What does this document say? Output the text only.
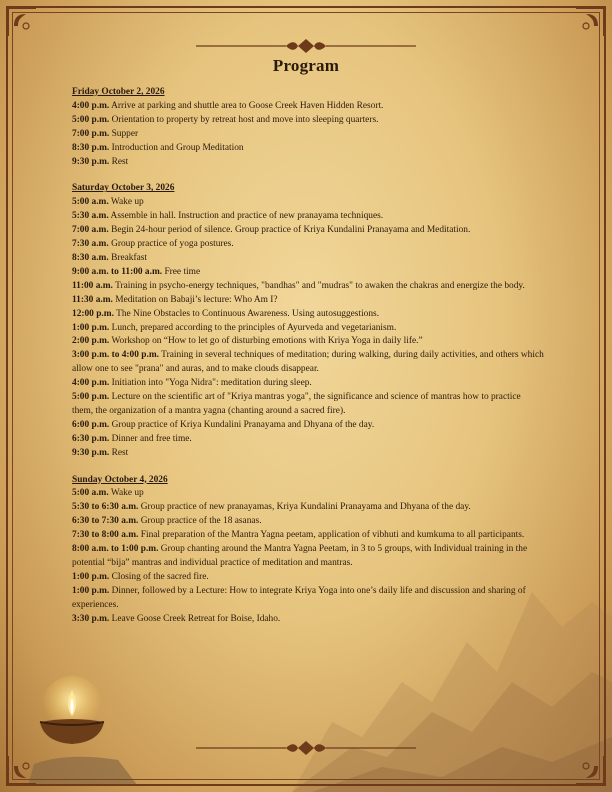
Program
Friday October 2, 2026
4:00 p.m. Arrive at parking and shuttle area to Goose Creek Haven Hidden Resort.
5:00 p.m. Orientation to property by retreat host and move into sleeping quarters.
7:00 p.m. Supper
8:30 p.m. Introduction and Group Meditation
9:30 p.m. Rest
Saturday October 3, 2026
5:00 a.m. Wake up
5:30 a.m. Assemble in hall. Instruction and practice of new pranayama techniques.
7:00 a.m. Begin 24-hour period of silence. Group practice of Kriya Kundalini Pranayama and Meditation.
7:30 a.m. Group practice of yoga postures.
8:30 a.m. Breakfast
9:00 a.m. to 11:00 a.m. Free time
11:00 a.m. Training in psycho-energy techniques, "bandhas" and "mudras" to awaken the chakras and energize the body.
11:30 a.m. Meditation on Babaji’s lecture: Who Am I?
12:00 p.m. The Nine Obstacles to Continuous Awareness. Using autosuggestions.
1:00 p.m. Lunch, prepared according to the principles of Ayurveda and vegetarianism.
2:00 p.m. Workshop on “How to let go of disturbing emotions with Kriya Yoga in daily life.”
3:00 p.m. to 4:00 p.m. Training in several techniques of meditation; during walking, during daily activities, and others which allow one to see "prana" and auras, and to make clouds disappear.
4:00 p.m. Initiation into "Yoga Nidra": meditation during sleep.
5:00 p.m. Lecture on the scientific art of "Kriya mantras yoga", the significance and science of mantras how to practice them, the organization of a mantra yagna (chanting around a sacred fire).
6:00 p.m. Group practice of Kriya Kundalini Pranayama and Dhyana of the day.
6:30 p.m. Dinner and free time.
9:30 p.m. Rest
Sunday October 4, 2026
5:00 a.m. Wake up
5:30 to 6:30 a.m. Group practice of new pranayamas, Kriya Kundalini Pranayama and Dhyana of the day.
6:30 to 7:30 a.m. Group practice of the 18 asanas.
7:30 to 8:00 a.m. Final preparation of the Mantra Yagna peetam, application of vibhuti and kumkuma to all participants.
8:00 a.m. to 1:00 p.m. Group chanting around the Mantra Yagna Peetam, in 3 to 5 groups, with Individual training in the potential “bija” mantras and individual practice of meditation and mantras.
1:00 p.m. Closing of the sacred fire.
1:00 p.m. Dinner, followed by a Lecture: How to integrate Kriya Yoga into one’s daily life and discussion and sharing of experiences.
3:30 p.m. Leave Goose Creek Retreat for Boise, Idaho.
